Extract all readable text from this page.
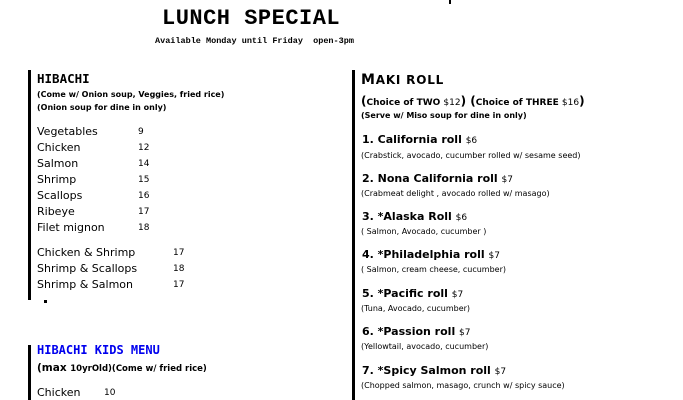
LUNCH SPECIAL
Available Monday until Friday  open-3pm
HIBACHI
(Come w/ Onion soup, Veggies, fried rice)
(Onion soup for dine in only)
Vegetables	9
Chicken	12
Salmon	14
Shrimp	15
Scallops	16
Ribeye	17
Filet mignon	18
Chicken & Shrimp	17
Shrimp & Scallops	18
Shrimp & Salmon	17
HIBACHI KIDS MENU
(max 10yrOld)(Come w/ fried rice)
Chicken	10
MAKI ROLL
(Choice of TWO $12) (Choice of THREE $16)
(Serve w/ Miso soup for dine in only)
1. California roll $6
(Crabstick, avocado, cucumber rolled w/ sesame seed)
2. Nona California roll $7
(Crabmeat delight , avocado rolled w/ masago)
3. *Alaska Roll $6
( Salmon, Avocado, cucumber )
4. *Philadelphia roll $7
( Salmon, cream cheese, cucumber)
5. *Pacific roll $7
(Tuna, Avocado, cucumber)
6. *Passion roll $7
(Yellowtail, avocado, cucumber)
7. *Spicy Salmon roll $7
(Chopped salmon, masago, crunch w/ spicy sauce)
